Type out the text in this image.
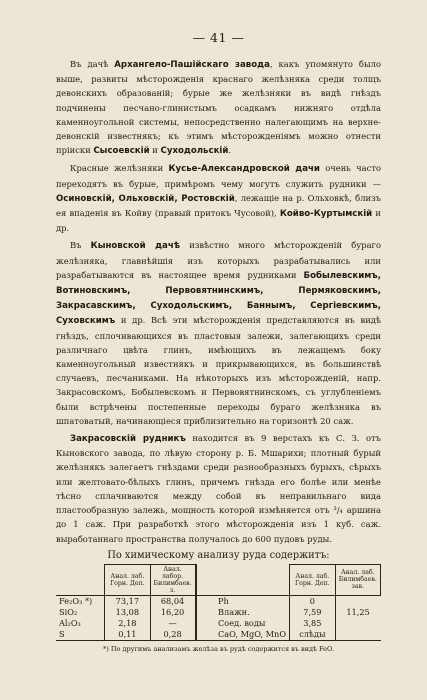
— 41 —

Въ дачѣ Архангело-Пашійскаго завода, какъ упомянуто было выше, развиты мѣсторожденія краснаго желѣзняка среди толщъ девонскихъ образованій; бурые же желѣзняки въ видѣ гнѣздъ подчинены песчано-глинистымъ осадкамъ нижняго отдѣла каменноугольной системы, непосредственно налегающимъ на верхне-девонскій известнякъ; къ этимъ мѣсторожденіямъ можно отнести пріиски Сысоевскій и Суходольскій.

Красные желѣзняки Кусье-Александровской дачи очень часто переходятъ въ бурые, примѣромъ чему могутъ служить рудники — Осиновскій, Ольховскій, Ростовскій, лежащіе на р. Ольховкѣ, близъ ея впаденія въ Койву (правый притокъ Чусовой), Койво-Куртымскій и др.

Въ Кыновской дачѣ извѣстно много мѣсторожденій бураго желѣзняка, главнѣйшія изъ которыхъ разрабатывались или разрабатываются въ настоящее время рудниками Бобылевскимъ, Вотиновскимъ, Первовятнинскимъ, Пермяковскимъ, Закрасавскимъ, Суходольскимъ, Баннымъ, Сергіевскимъ, Суховскимъ и др. Всѣ эти мѣсторожденія представляются въ видѣ гнѣздъ, сплочивающихся въ пластовыя залежи, залегающихъ среди различнаго цвѣта глинъ, имѣющихъ въ лежащемъ боку каменноугольный известнякъ и прикрывающихся, въ большинствѣ случаевъ, песчаниками. На нѣкоторыхъ изъ мѣсторожденій, напр. Закрасовскомъ, Бобылевскомъ и Первовятнинскомъ, съ углубленіемъ были встрѣчены постепенные переходы бураго желѣзняка въ шпатоватый, начинающіеся приблизительно на горизонтѣ 20 саж.

Закрасовскій рудникъ находится въ 9 верстахъ къ С. З. отъ Кыновского завода, по лѣвую сторону р. Б. Мшарихи; плотный бурый желѣзнякъ залегаетъ гнѣздами среди разнообразныхъ бурыхъ, сѣрыхъ или желтовато-бѣлыхъ глинъ, причемъ гнѣзда его болѣе или менѣе тѣсно сплачиваются между собой въ неправильнаго вида пластообразную залежь, мощность которой измѣняется отъ ³/₄ аршина до 1 саж. При разработкѣ этого мѣсторожденія изъ 1 куб. саж. выработаннаго пространства получалось до 600 пудовъ руды.

По химическому анализу руда содержитъ:
	Анал. лаб. Горн. Деп.	Анал. лабор. Билимбаев. з.			Анал. лаб. Горн. Деп.	Анал. лаб. Билимбаев. зав.
Fe₂O₃ *)	73,17	68,04		Ph	0	
SiO₂	13,08	16,20		Влажн.	7,59	11,25
Al₂O₃	2,18	—		Соед. воды	3,85	
S	0,11	0,28		CaO, MgO, MnO	слѣды	
*) По другимъ анализамъ желѣза въ рудѣ содержится въ видѣ FeO.
